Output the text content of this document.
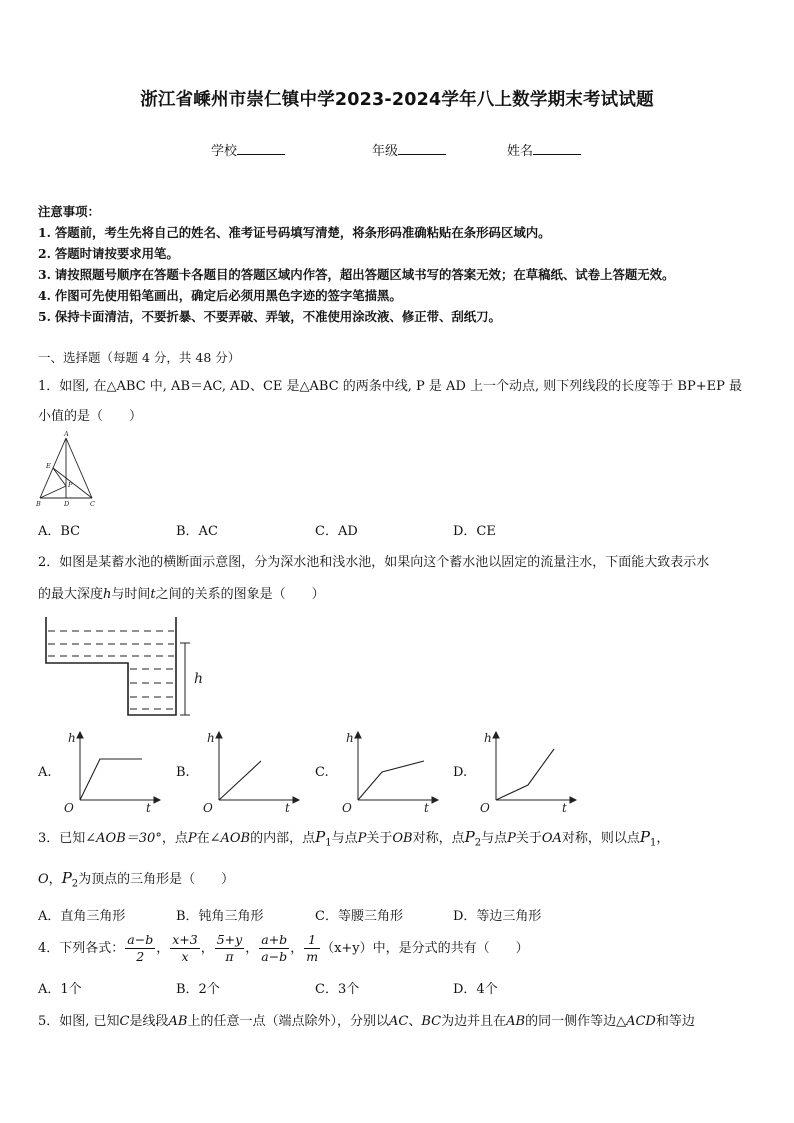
浙江省嵊州市崇仁镇中学2023-2024学年八上数学期末考试试题
学校	年级	姓名
注意事项：
1. 答题前，考生先将自己的姓名、准考证号码填写清楚，将条形码准确粘贴在条形码区域内。
2. 答题时请按要求用笔。
3. 请按照题号顺序在答题卡各题目的答题区域内作答，超出答题区域书写的答案无效；在草稿纸、试卷上答题无效。
4. 作图可先使用铅笔画出，确定后必须用黑色字迹的签字笔描黑。
5. 保持卡面清洁，不要折暴、不要弄破、弄皱，不准使用涂改液、修正带、刮纸刀。
一、选择题（每题 4 分，共 48 分）
1．如图, 在△ABC 中, AB＝AC, AD、CE 是△ABC 的两条中线, P 是 AD 上一个动点, 则下列线段的长度等于 BP+EP 最
小值的是（　　）
A
E
P
B	D	C
A．BC	B．AC	C．AD	D．CE
2．如图是某蓄水池的横断面示意图，分为深水池和浅水池，如果向这个蓄水池以固定的流量注水，下面能大致表示水
的最大深度h与时间t之间的关系的图象是（　　）
h
A.	B.	C.	D.
h
t
O
h
t
O
h
t
O
h
t
O
3．已知∠AOB＝30°，点P在∠AOB的内部，点$P_1$与点P关于OB对称，点$P_2$与点P关于OA对称，则以点$P_1$，
O，$P_2$为顶点的三角形是（　　）
A．直角三角形	B．钝角三角形	C．等腰三角形	D．等边三角形
4．下列各式： $\frac{a-b}{2}$ ， $\frac{x+3}{x}$ ， $\frac{5+y}{\pi}$ ， $\frac{a+b}{a-b}$ ， $\frac{1}{m} (x+y)$中，是分式的共有（　　）
A．1个	B．2个	C．3个	D．4个
5．如图, 已知C是线段AB上的任意一点（端点除外），分别以AC、BC为边并且在AB的同一侧作等边△ACD和等边
